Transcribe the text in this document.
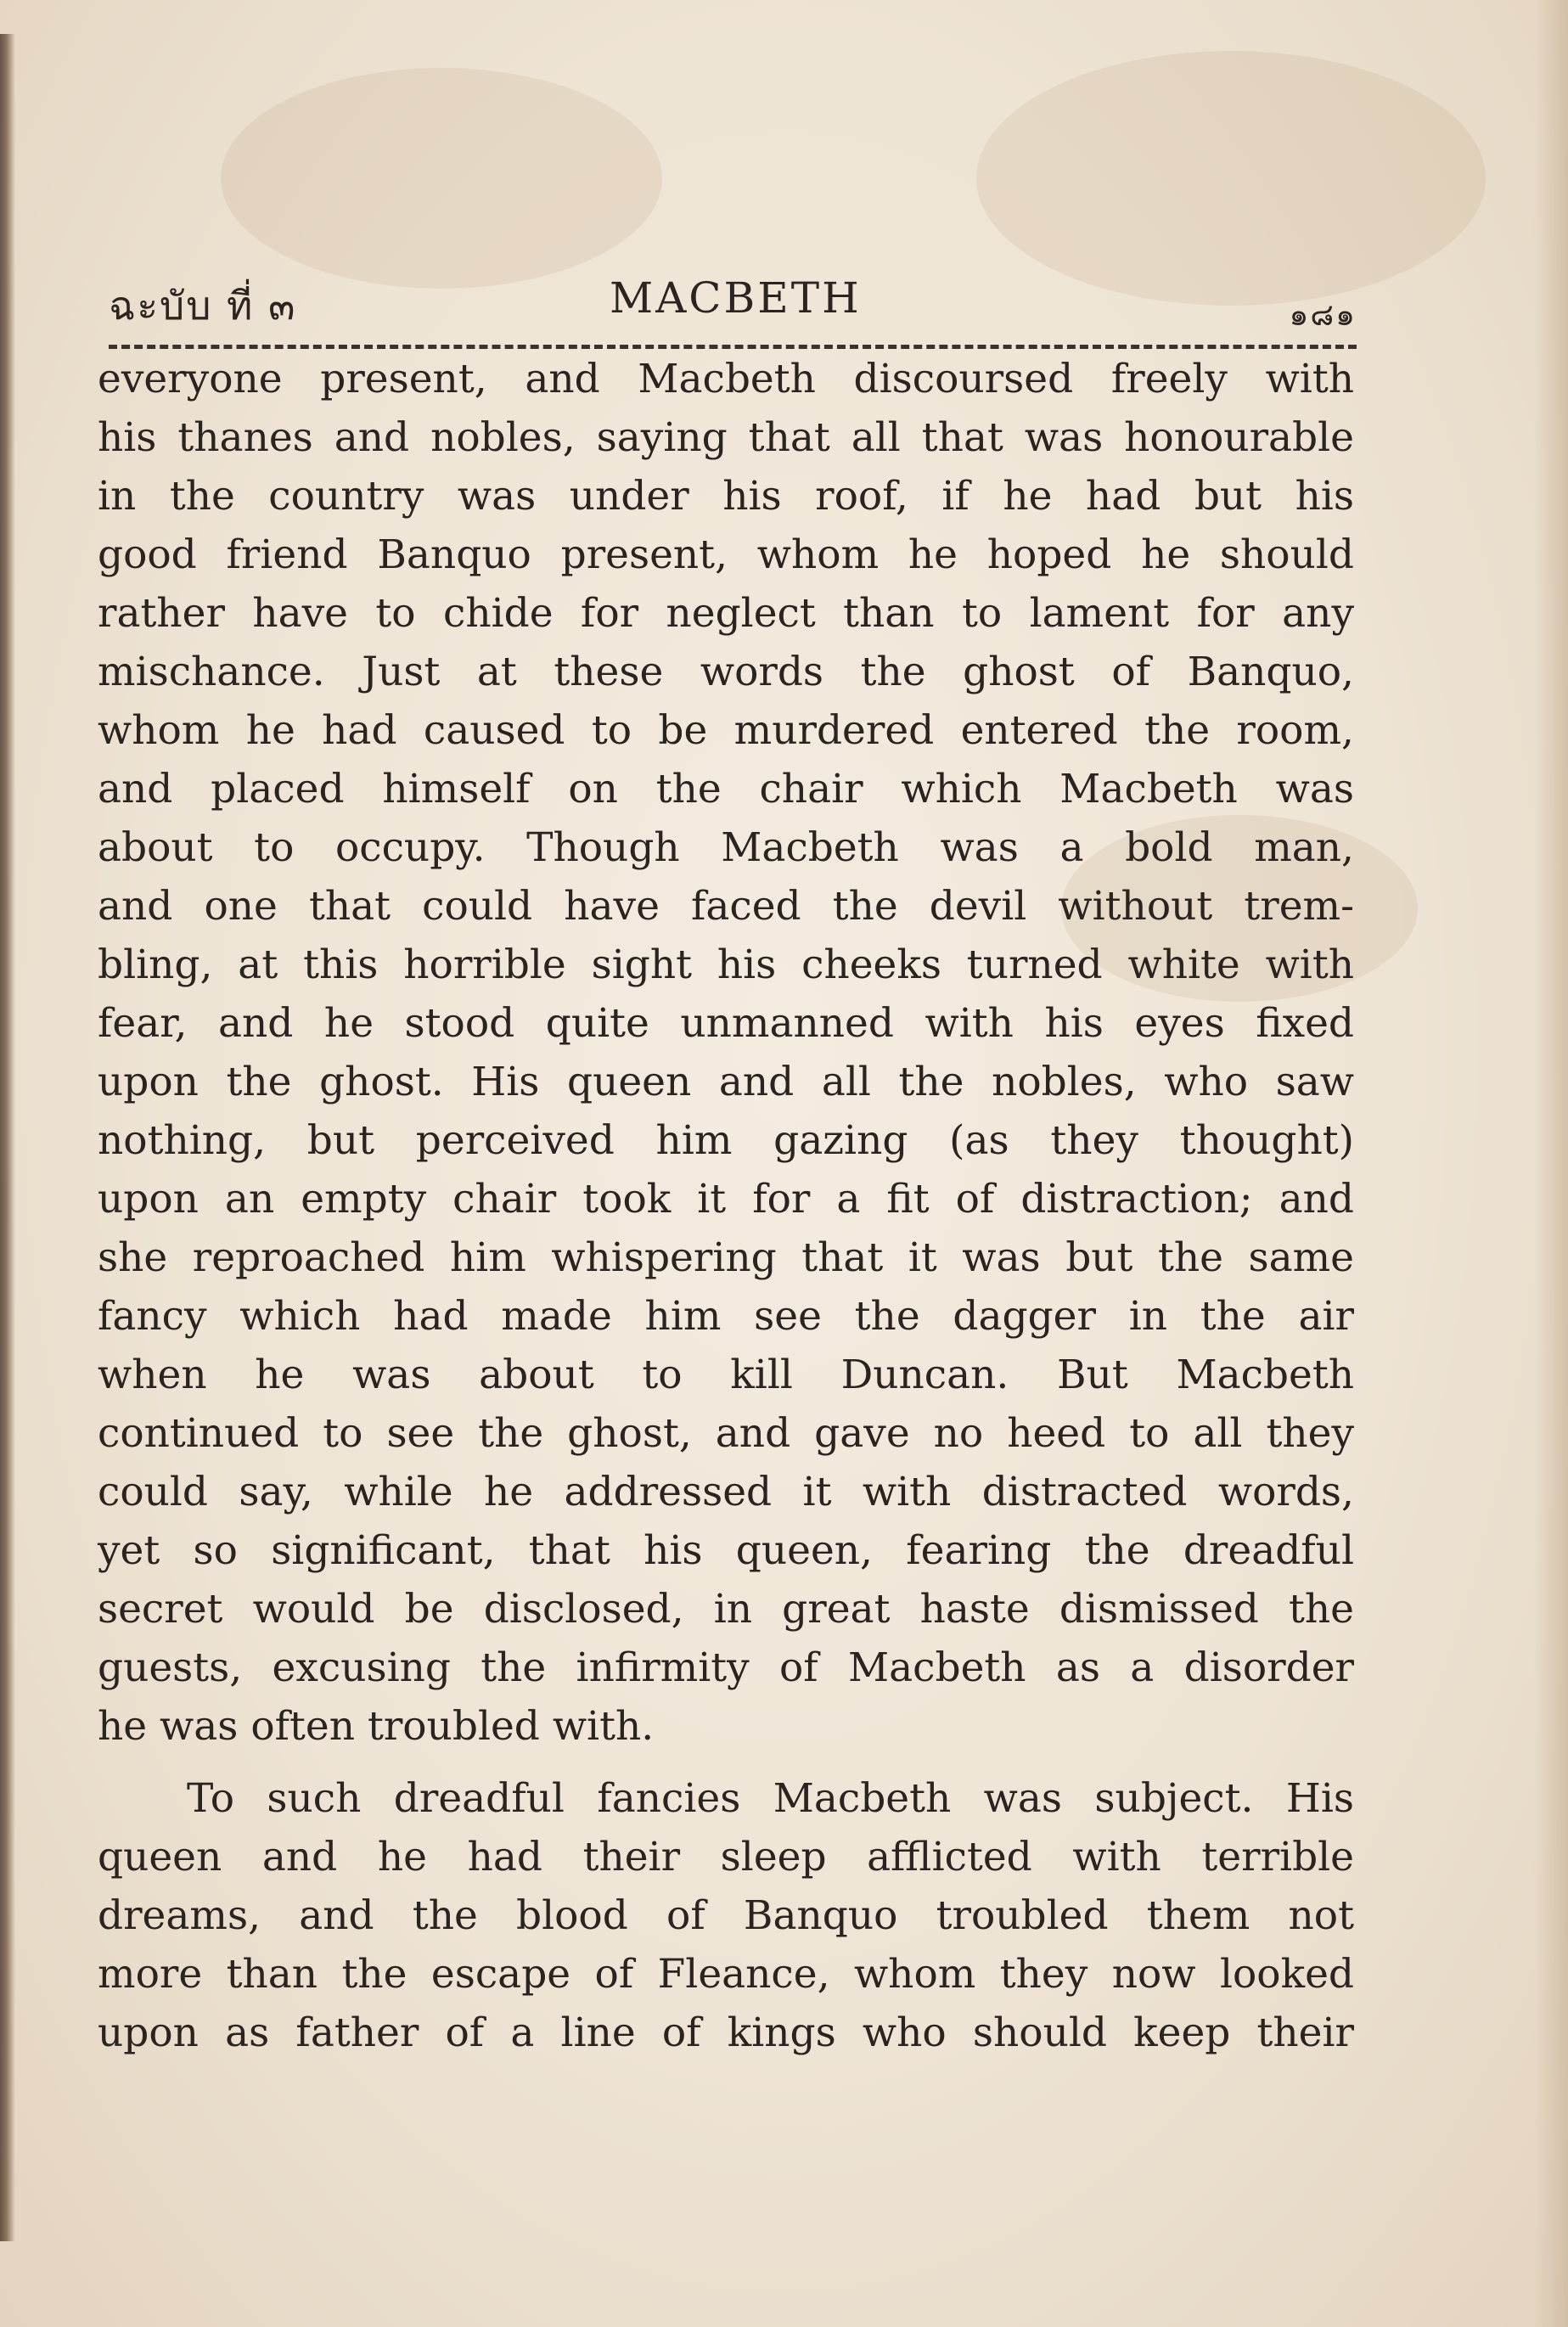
ฉะบับ ที่ ๓	MACBETH	๑๘๑
everyone present, and Macbeth discoursed freely with
his thanes and nobles, saying that all that was honourable
in the country was under his roof, if he had but his
good friend Banquo present, whom he hoped he should
rather have to chide for neglect than to lament for any
mischance. Just at these words the ghost of Banquo,
whom he had caused to be murdered entered the room,
and placed himself on the chair which Macbeth was
about to occupy. Though Macbeth was a bold man,
and one that could have faced the devil without trem-
bling, at this horrible sight his cheeks turned white with
fear, and he stood quite unmanned with his eyes fixed
upon the ghost. His queen and all the nobles, who saw
nothing, but perceived him gazing (as they thought)
upon an empty chair took it for a fit of distraction; and
she reproached him whispering that it was but the same
fancy which had made him see the dagger in the air
when he was about to kill Duncan. But Macbeth
continued to see the ghost, and gave no heed to all they
could say, while he addressed it with distracted words,
yet so significant, that his queen, fearing the dreadful
secret would be disclosed, in great haste dismissed the
guests, excusing the infirmity of Macbeth as a disorder
he was often troubled with.
To such dreadful fancies Macbeth was subject. His
queen and he had their sleep afflicted with terrible
dreams, and the blood of Banquo troubled them not
more than the escape of Fleance, whom they now looked
upon as father of a line of kings who should keep their
